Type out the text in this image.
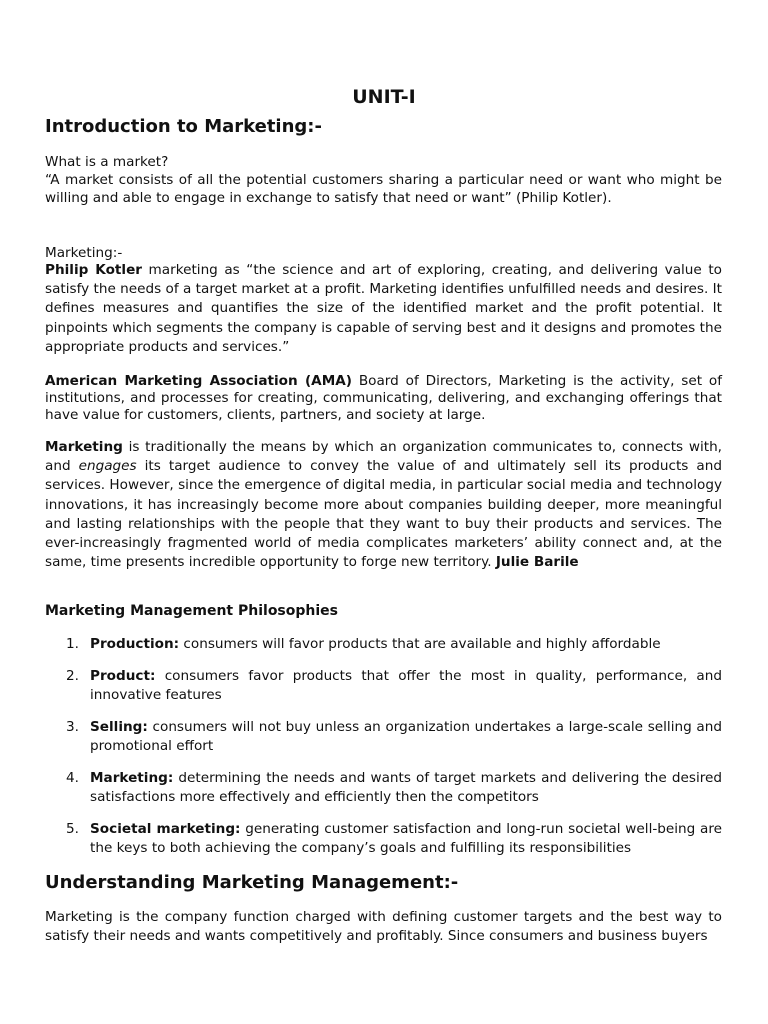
UNIT-I
Introduction to Marketing:-

What is a market?

“A market consists of all the potential customers sharing a particular need or want who might be willing and able to engage in exchange to satisfy that need or want” (Philip Kotler).

Marketing:-

Philip Kotler marketing as “the science and art of exploring, creating, and delivering value to satisfy the needs of a target market at a profit. Marketing identifies unfulfilled needs and desires. It defines measures and quantifies the size of the identified market and the profit potential. It pinpoints which segments the company is capable of serving best and it designs and promotes the appropriate products and services.”

American Marketing Association (AMA) Board of Directors, Marketing is the activity, set of institutions, and processes for creating, communicating, delivering, and exchanging offerings that have value for customers, clients, partners, and society at large.

Marketing is traditionally the means by which an organization communicates to, connects with, and engages its target audience to convey the value of and ultimately sell its products and services. However, since the emergence of digital media, in particular social media and technology innovations, it has increasingly become more about companies building deeper, more meaningful and lasting relationships with the people that they want to buy their products and services. The ever-increasingly fragmented world of media complicates marketers’ ability connect and, at the same, time presents incredible opportunity to forge new territory. Julie Barile

Marketing Management Philosophies

1. Production: consumers will favor products that are available and highly affordable
2. Product: consumers favor products that offer the most in quality, performance, and innovative features
3. Selling: consumers will not buy unless an organization undertakes a large-scale selling and promotional effort
4. Marketing: determining the needs and wants of target markets and delivering the desired satisfactions more effectively and efficiently then the competitors
5. Societal marketing: generating customer satisfaction and long-run societal well-being are the keys to both achieving the company’s goals and fulfilling its responsibilities
Understanding Marketing Management:-

Marketing is the company function charged with defining customer targets and the best way to satisfy their needs and wants competitively and profitably. Since consumers and business buyers
